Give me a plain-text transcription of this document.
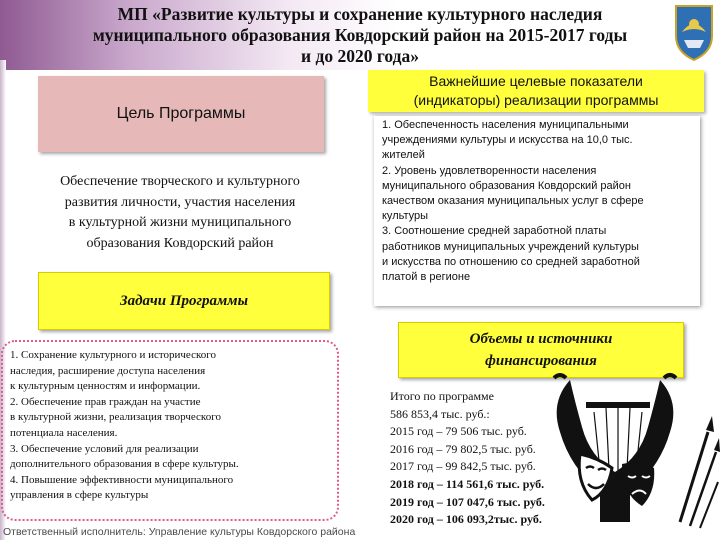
МП «Развитие культуры и сохранение культурного наследия
муниципального образования Ковдорский район на 2015-2017 годы
и до 2020 года»
Цель Программы
Обеспечение творческого и культурного
развития личности, участия населения
в культурной жизни муниципального
образования Ковдорский район
Задачи Программы
1. Сохранение культурного и исторического
наследия, расширение доступа населения
к культурным ценностям и информации.
2. Обеспечение прав граждан на участие
в культурной жизни, реализация творческого
потенциала населения.
3. Обеспечение условий для реализации
дополнительного образования в сфере культуры.
4. Повышение эффективности муниципального
управления в сфере культуры
Ответственный исполнитель: Управление культуры Ковдорского района
Важнейшие целевые показатели
(индикаторы) реализации программы
1. Обеспеченность населения муниципальными
учреждениями культуры и искусства на 10,0 тыс.
жителей
2. Уровень удовлетворенности населения
муниципального образования Ковдорский район
качеством оказания муниципальных услуг в сфере
культуры
3. Соотношение средней заработной платы
работников муниципальных учреждений культуры
и искусства по отношению со средней заработной
платой в регионе
Объемы и источники
финансирования
Итого по программе
586 853,4 тыс. руб.:
2015 год – 79 506 тыс. руб.
2016 год – 79 802,5 тыс. руб.
2017 год – 99 842,5 тыс. руб.
2018 год – 114 561,6 тыс. руб.
2019 год – 107 047,6 тыс. руб.
2020 год – 106 093,2тыс. руб.
